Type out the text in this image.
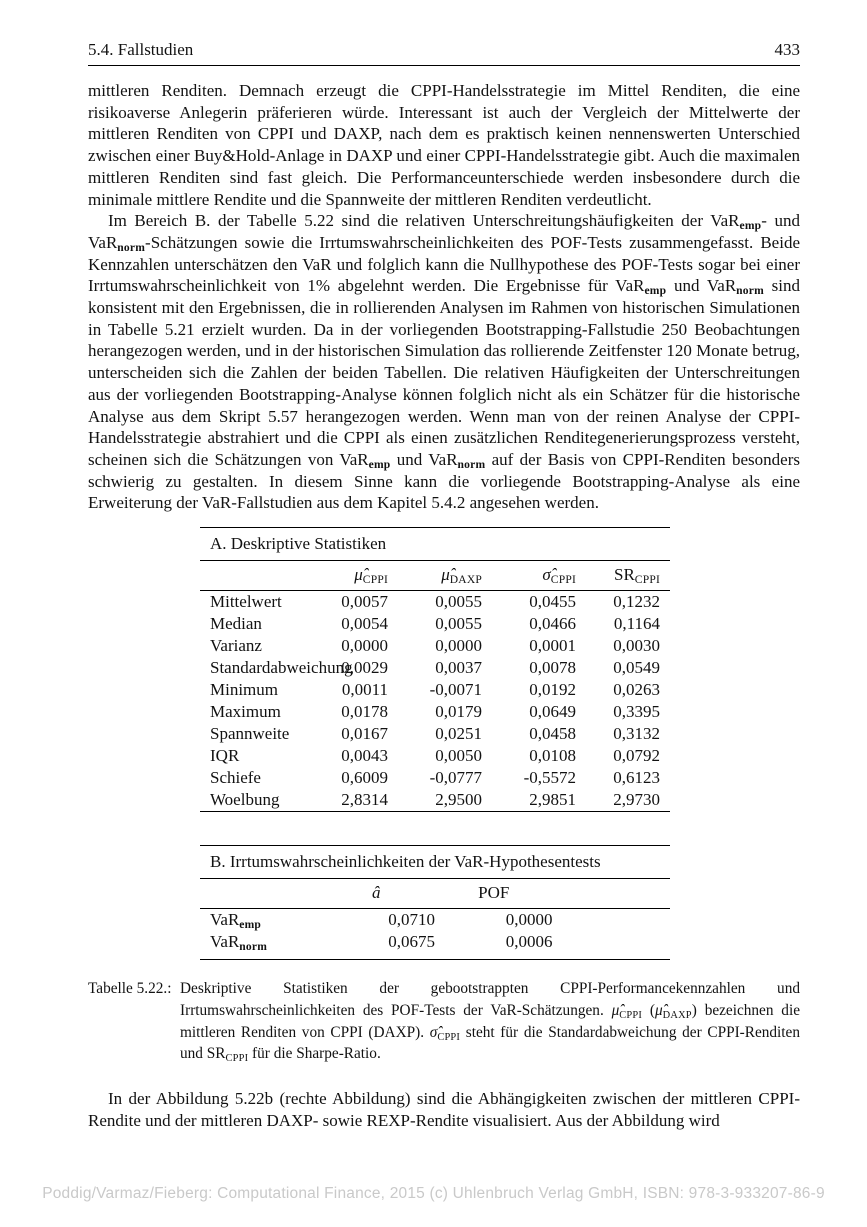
5.4. Fallstudien	433

mittleren Renditen. Demnach erzeugt die CPPI-Handelsstrategie im Mittel Renditen, die eine risikoaverse Anlegerin präferieren würde. Interessant ist auch der Vergleich der Mittelwerte der mittleren Renditen von CPPI und DAXP, nach dem es praktisch keinen nennenswerten Unterschied zwischen einer Buy&Hold-Anlage in DAXP und einer CPPI-Handelsstrategie gibt. Auch die maximalen mittleren Renditen sind fast gleich. Die Performanceunterschiede werden insbesondere durch die minimale mittlere Rendite und die Spannweite der mittleren Renditen verdeutlicht.

Im Bereich B. der Tabelle 5.22 sind die relativen Unterschreitungshäufigkeiten der VaR$_{emp}$- und VaR$_{norm}$-Schätzungen sowie die Irrtumswahrscheinlichkeiten des POF-Tests zusammengefasst. Beide Kennzahlen unterschätzen den VaR und folglich kann die Nullhypothese des POF-Tests sogar bei einer Irrtumswahrscheinlichkeit von 1% abgelehnt werden. Die Ergebnisse für VaR$_{emp}$ und VaR$_{norm}$ sind konsistent mit den Ergebnissen, die in rollierenden Analysen im Rahmen von historischen Simulationen in Tabelle 5.21 erzielt wurden. Da in der vorliegenden Bootstrapping-Fallstudie 250 Beobachtungen herangezogen werden, und in der historischen Simulation das rollierende Zeitfenster 120 Monate betrug, unterscheiden sich die Zahlen der beiden Tabellen. Die relativen Häufigkeiten der Unterschreitungen aus der vorliegenden Bootstrapping-Analyse können folglich nicht als ein Schätzer für die historische Analyse aus dem Skript 5.57 herangezogen werden. Wenn man von der reinen Analyse der CPPI-Handelsstrategie abstrahiert und die CPPI als einen zusätzlichen Renditegenerierungsprozess versteht, scheinen sich die Schätzungen von VaR$_{emp}$ und VaR$_{norm}$ auf der Basis von CPPI-Renditen besonders schwierig zu gestalten. In diesem Sinne kann die vorliegende Bootstrapping-Analyse als eine Erweiterung der VaR-Fallstudien aus dem Kapitel 5.4.2 angesehen werden.

A. Deskriptive Statistiken				
	$\mû_{CPPI}$	$\mû_{DAXP}$	$\sigmâ_{CPPI}$	$SR_{CPPI}$
Mittelwert	0,0057	0,0055	0,0455	0,1232
Median	0,0054	0,0055	0,0466	0,1164
Varianz	0,0000	0,0000	0,0001	0,0030
Standardabweichung	0,0029	0,0037	0,0078	0,0549
Minimum	0,0011	-0,0071	0,0192	0,0263
Maximum	0,0178	0,0179	0,0649	0,3395
Spannweite	0,0167	0,0251	0,0458	0,3132
IQR	0,0043	0,0050	0,0108	0,0792
Schiefe	0,6009	-0,0777	-0,5572	0,6123
Woelbung	2,8314	2,9500	2,9851	2,9730
B. Irrtumswahrscheinlichkeiten der VaR-Hypothesentests			
	â	POF	
VaR$_{emp}$	0,0710	0,0000	
VaR$_{norm}$	0,0675	0,0006	
Tabelle 5.22.: Deskriptive Statistiken der gebootstrappten CPPI-Performancekennzahlen und Irrtumswahrscheinlichkeiten des POF-Tests der VaR-Schätzungen. $\mû_{CPPI}$ $(\mû_{DAXP})$ bezeichnen die mittleren Renditen von CPPI (DAXP). $\sigmâ_{CPPI}$ steht für die Standardabweichung der CPPI-Renditen und $SR_{CPPI}$ für die Sharpe-Ratio.

In der Abbildung 5.22b (rechte Abbildung) sind die Abhängigkeiten zwischen der mittleren CPPI-Rendite und der mittleren DAXP- sowie REXP-Rendite visualisiert. Aus der Abbildung wird

Poddig/Varmaz/Fieberg: Computational Finance, 2015 (c) Uhlenbruch Verlag GmbH, ISBN: 978-3-933207-86-9
